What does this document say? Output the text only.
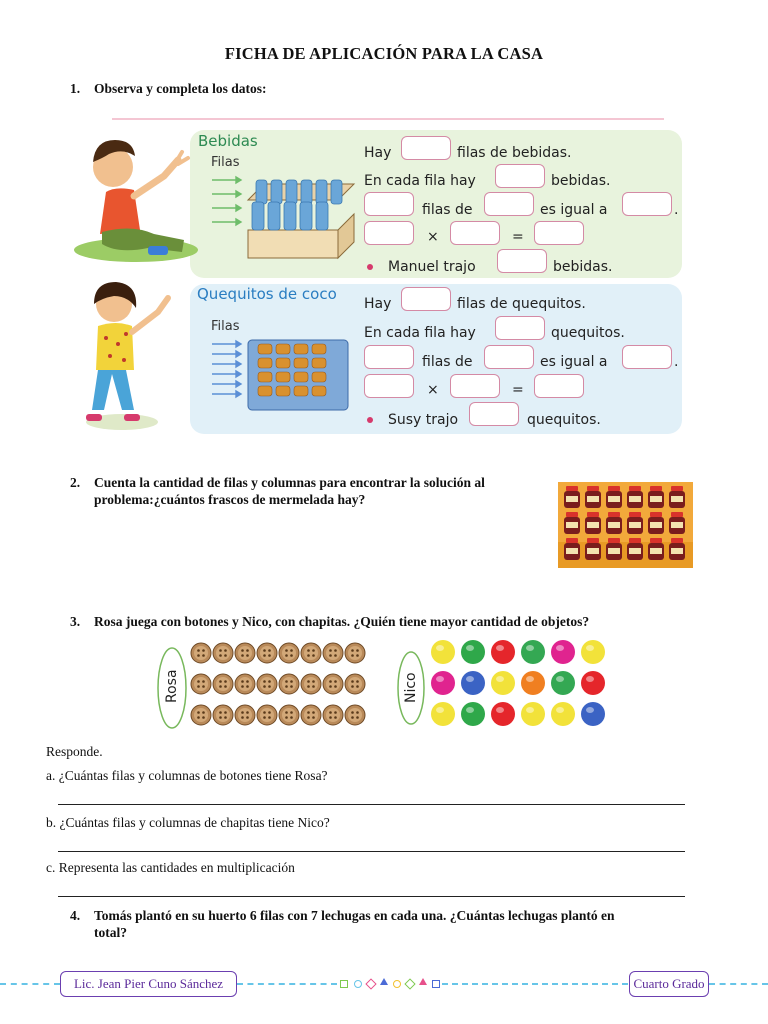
FICHA DE APLICACIÓN PARA LA CASA
1. Observa y completa los datos:
Bebidas
Filas
Hay	filas de bebidas.
En cada fila hay	bebidas.
filas de	es igual a	.
×	=
Manuel trajo	bebidas.
Quequitos de coco
Filas
Hay	filas de quequitos.
En cada fila hay	quequitos.
filas de	es igual a	.
×	=
Susy trajo	quequitos.
2. Cuenta la cantidad de filas y columnas para encontrar la solución al
problema:¿cuántos frascos de mermelada hay?
3. Rosa juega con botones y Nico, con chapitas. ¿Quién tiene mayor cantidad de objetos?
Rosa	Nico
Responde.
a. ¿Cuántas filas y columnas de botones tiene Rosa?
b. ¿Cuántas filas y columnas de chapitas tiene Nico?
c. Representa las cantidades en multiplicación
4. Tomás plantó en su huerto 6 filas con 7 lechugas en cada una. ¿Cuántas lechugas plantó en
total?
Lic. Jean Pier Cuno Sánchez	Cuarto Grado
